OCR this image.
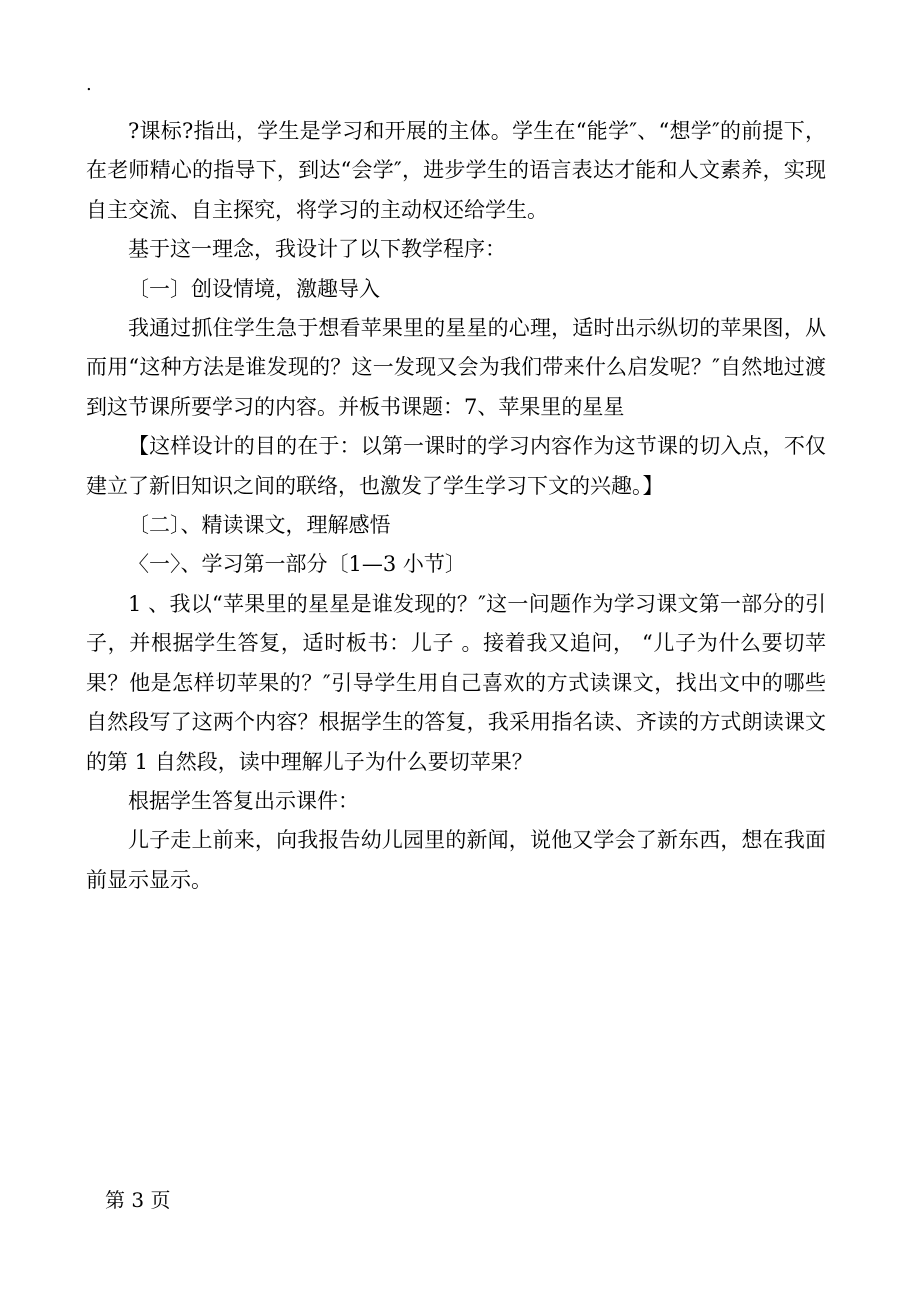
.

?课标?指出，学生是学习和开展的主体。学生在“能学″、“想学″的前提下，在老师精心的指导下，到达“会学″，进步学生的语言表达才能和人文素养，实现自主交流、自主探究，将学习的主动权还给学生。

基于这一理念，我设计了以下教学程序：

〔一〕创设情境，激趣导入

我通过抓住学生急于想看苹果里的星星的心理，适时出示纵切的苹果图，从而用“这种方法是谁发现的？这一发现又会为我们带来什么启发呢？″自然地过渡到这节课所要学习的内容。并板书课题：7、苹果里的星星

【这样设计的目的在于：以第一课时的学习内容作为这节课的切入点，不仅建立了新旧知识之间的联络，也激发了学生学习下文的兴趣。】

〔二〕、精读课文，理解感悟

〈一〉、学习第一部分〔1—3 小节〕

1 、我以“苹果里的星星是谁发现的？″这一问题作为学习课文第一部分的引子，并根据学生答复，适时板书：儿子 。接着我又追问， “儿子为什么要切苹果？他是怎样切苹果的？″引导学生用自己喜欢的方式读课文，找出文中的哪些自然段写了这两个内容？根据学生的答复，我采用指名读、齐读的方式朗读课文的第 1 自然段，读中理解儿子为什么要切苹果？

根据学生答复出示课件：

儿子走上前来，向我报告幼儿园里的新闻，说他又学会了新东西，想在我面前显示显示。

第 3 页
